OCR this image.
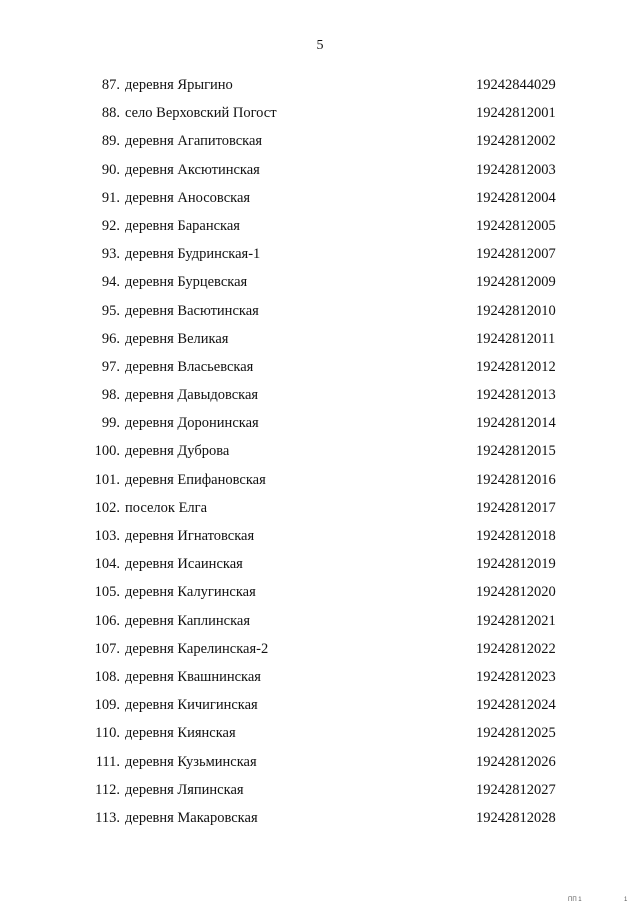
5
87. деревня Ярыгино	19242844029
88. село Верховский Погост	19242812001
89. деревня Агапитовская	19242812002
90. деревня Аксютинская	19242812003
91. деревня Аносовская	19242812004
92. деревня Баранская	19242812005
93. деревня Будринская-1	19242812007
94. деревня Бурцевская	19242812009
95. деревня Васютинская	19242812010
96. деревня Великая	19242812011
97. деревня Власьевская	19242812012
98. деревня Давыдовская	19242812013
99. деревня Доронинская	19242812014
100. деревня Дуброва	19242812015
101. деревня Епифановская	19242812016
102. поселок Елга	19242812017
103. деревня Игнатовская	19242812018
104. деревня Исаинская	19242812019
105. деревня Калугинская	19242812020
106. деревня Каплинская	19242812021
107. деревня Карелинская-2	19242812022
108. деревня Квашнинская	19242812023
109. деревня Кичигинская	19242812024
110. деревня Киянская	19242812025
111. деревня Кузьминская	19242812026
112. деревня Ляпинская	19242812027
113. деревня Макаровская	19242812028
ПП 1	1
